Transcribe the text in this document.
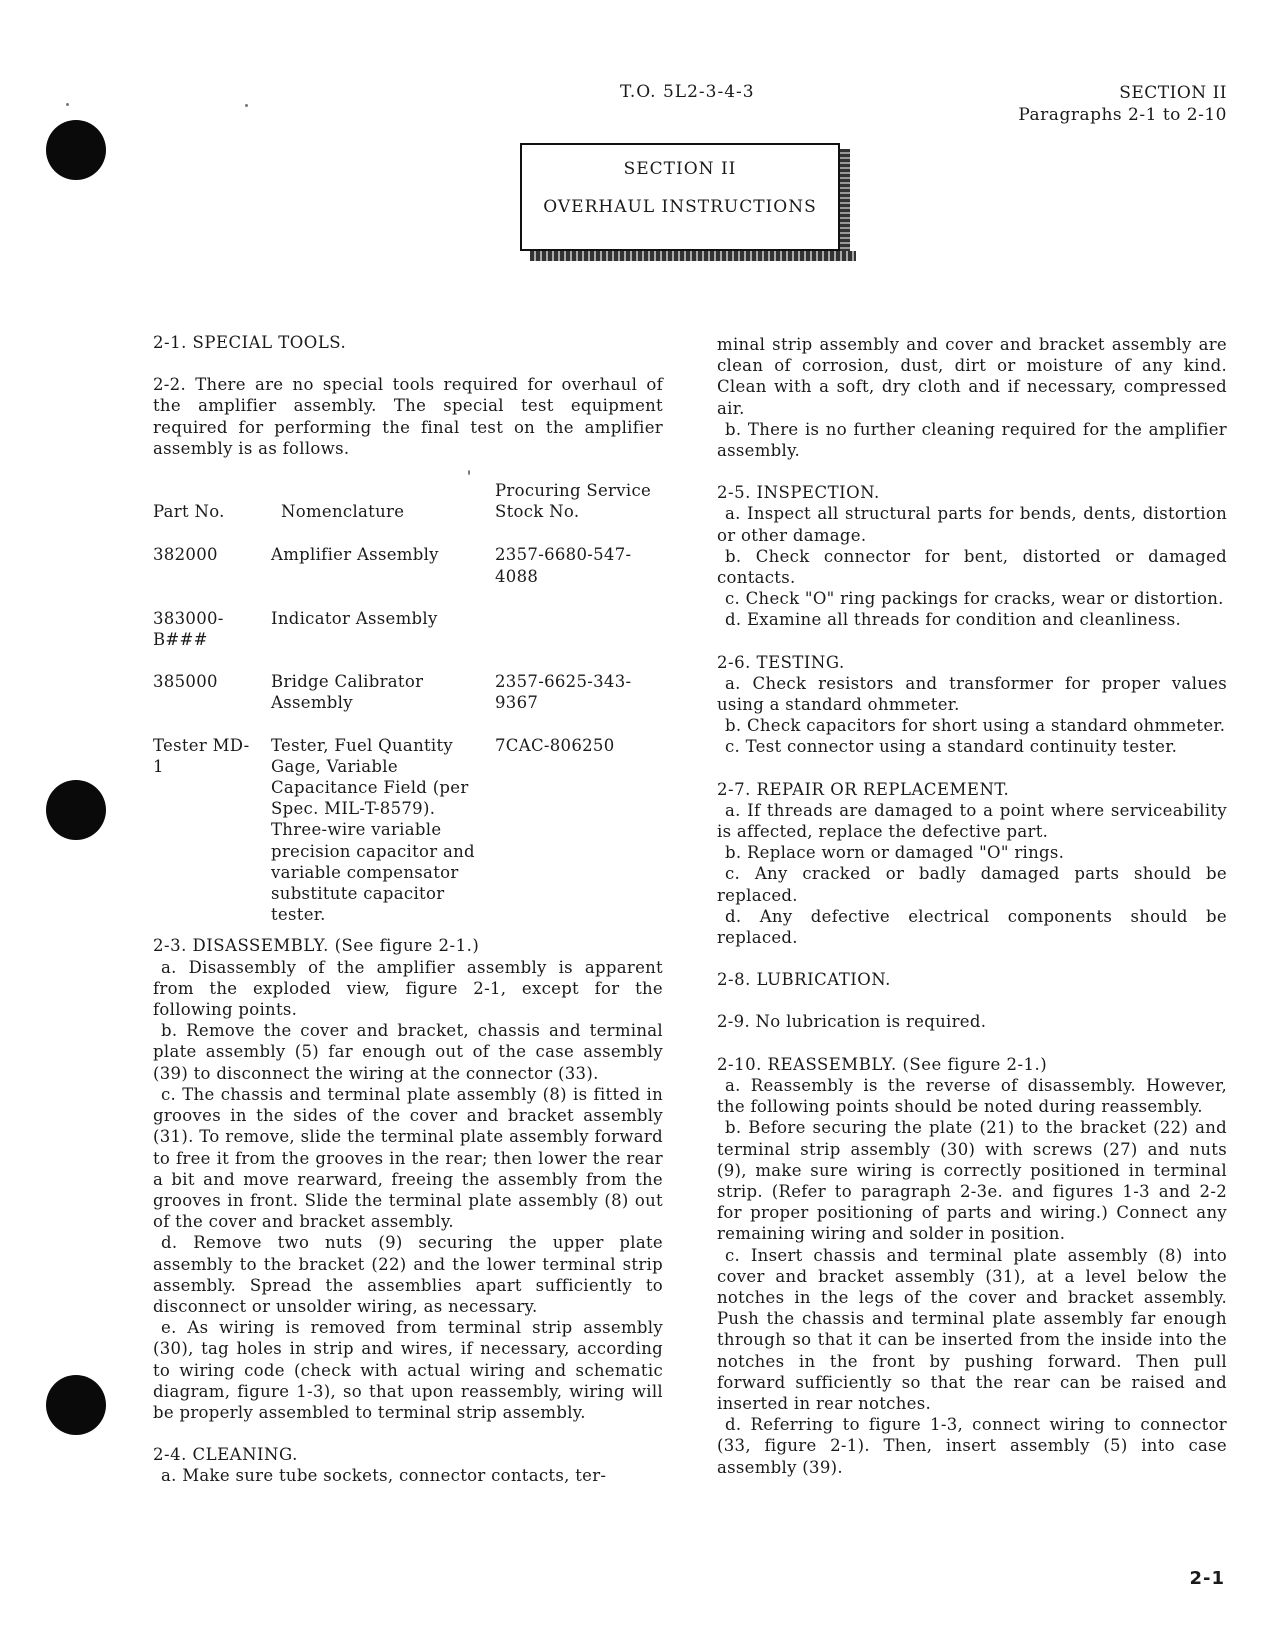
T.O. 5L2-3-4-3	SECTION II
Paragraphs 2-1 to 2-10
SECTION II
OVERHAUL INSTRUCTIONS

2-1. SPECIAL TOOLS.

2-2. There are no special tools required for overhaul of the amplifier assembly. The special test equipment required for performing the final test on the amplifier assembly is as follows.

Part No.	Nomenclature	Procuring Service
Stock No.

382000	Amplifier Assembly	2357-6680-547-4088
383000-B###	Indicator Assembly	
385000	Bridge Calibrator Assembly	2357-6625-343-9367
Tester MD-1	Tester, Fuel Quantity Gage, Variable Capacitance Field (per Spec. MIL-T-8579). Three-wire variable precision capacitor and variable compensator substitute capacitor tester.	7CAC-806250

2-3. DISASSEMBLY. (See figure 2-1.)

a. Disassembly of the amplifier assembly is apparent from the exploded view, figure 2-1, except for the following points.

b. Remove the cover and bracket, chassis and terminal plate assembly (5) far enough out of the case assembly (39) to disconnect the wiring at the connector (33).

c. The chassis and terminal plate assembly (8) is fitted in grooves in the sides of the cover and bracket assembly (31). To remove, slide the terminal plate assembly forward to free it from the grooves in the rear; then lower the rear a bit and move rearward, freeing the assembly from the grooves in front. Slide the terminal plate assembly (8) out of the cover and bracket assembly.

d. Remove two nuts (9) securing the upper plate assembly to the bracket (22) and the lower terminal strip assembly. Spread the assemblies apart sufficiently to disconnect or unsolder wiring, as necessary.

e. As wiring is removed from terminal strip assembly (30), tag holes in strip and wires, if necessary, according to wiring code (check with actual wiring and schematic diagram, figure 1-3), so that upon reassembly, wiring will be properly assembled to terminal strip assembly.

2-4. CLEANING.

a. Make sure tube sockets, connector contacts, ter-

minal strip assembly and cover and bracket assembly are clean of corrosion, dust, dirt or moisture of any kind. Clean with a soft, dry cloth and if necessary, compressed air.

b. There is no further cleaning required for the amplifier assembly.

2-5. INSPECTION.

a. Inspect all structural parts for bends, dents, distortion or other damage.

b. Check connector for bent, distorted or damaged contacts.

c. Check "O" ring packings for cracks, wear or distortion.

d. Examine all threads for condition and cleanliness.

2-6. TESTING.

a. Check resistors and transformer for proper values using a standard ohmmeter.

b. Check capacitors for short using a standard ohmmeter.

c. Test connector using a standard continuity tester.

2-7. REPAIR OR REPLACEMENT.

a. If threads are damaged to a point where serviceability is affected, replace the defective part.

b. Replace worn or damaged "O" rings.

c. Any cracked or badly damaged parts should be replaced.

d. Any defective electrical components should be replaced.

2-8. LUBRICATION.

2-9. No lubrication is required.

2-10. REASSEMBLY. (See figure 2-1.)

a. Reassembly is the reverse of disassembly. However, the following points should be noted during reassembly.

b. Before securing the plate (21) to the bracket (22) and terminal strip assembly (30) with screws (27) and nuts (9), make sure wiring is correctly positioned in terminal strip. (Refer to paragraph 2-3e. and figures 1-3 and 2-2 for proper positioning of parts and wiring.) Connect any remaining wiring and solder in position.

c. Insert chassis and terminal plate assembly (8) into cover and bracket assembly (31), at a level below the notches in the legs of the cover and bracket assembly. Push the chassis and terminal plate assembly far enough through so that it can be inserted from the inside into the notches in the front by pushing forward. Then pull forward sufficiently so that the rear can be raised and inserted in rear notches.

d. Referring to figure 1-3, connect wiring to connector (33, figure 2-1). Then, insert assembly (5) into case assembly (39).

2-1
